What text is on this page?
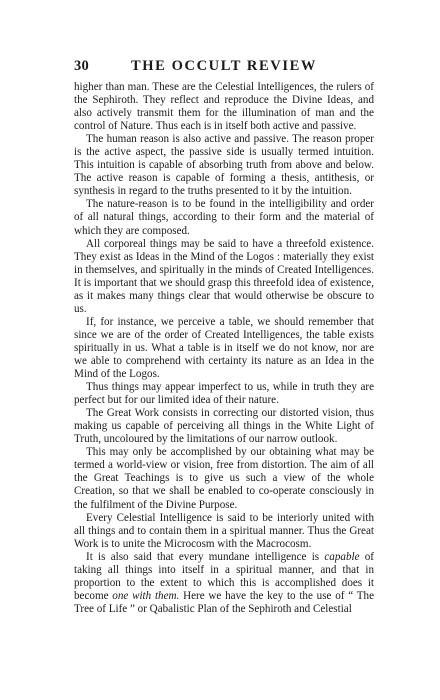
30	THE OCCULT REVIEW

higher than man. These are the Celestial Intelligences, the rulers of the Sephiroth. They reflect and reproduce the Divine Ideas, and also actively transmit them for the illumination of man and the control of Nature. Thus each is in itself both active and passive.

The human reason is also active and passive. The reason proper is the active aspect, the passive side is usually termed intuition. This intuition is capable of absorbing truth from above and below. The active reason is capable of forming a thesis, antithesis, or synthesis in regard to the truths presented to it by the intuition.

The nature-reason is to be found in the intelligibility and order of all natural things, according to their form and the material of which they are composed.

All corporeal things may be said to have a threefold existence. They exist as Ideas in the Mind of the Logos : materially they exist in themselves, and spiritually in the minds of Created Intelligences. It is important that we should grasp this threefold idea of existence, as it makes many things clear that would otherwise be obscure to us.

If, for instance, we perceive a table, we should remember that since we are of the order of Created Intelligences, the table exists spiritually in us. What a table is in itself we do not know, nor are we able to comprehend with certainty its nature as an Idea in the Mind of the Logos.

Thus things may appear imperfect to us, while in truth they are perfect but for our limited idea of their nature.

The Great Work consists in correcting our distorted vision, thus making us capable of perceiving all things in the White Light of Truth, uncoloured by the limitations of our narrow outlook.

This may only be accomplished by our obtaining what may be termed a world-view or vision, free from distortion. The aim of all the Great Teachings is to give us such a view of the whole Creation, so that we shall be enabled to co-operate consciously in the fulfilment of the Divine Purpose.

Every Celestial Intelligence is said to be interiorly united with all things and to contain them in a spiritual manner. Thus the Great Work is to unite the Microcosm with the Macrocosm.

It is also said that every mundane intelligence is capable of taking all things into itself in a spiritual manner, and that in proportion to the extent to which this is accomplished does it become one with them. Here we have the key to the use of “ The Tree of Life ” or Qabalistic Plan of the Sephiroth and Celestial
